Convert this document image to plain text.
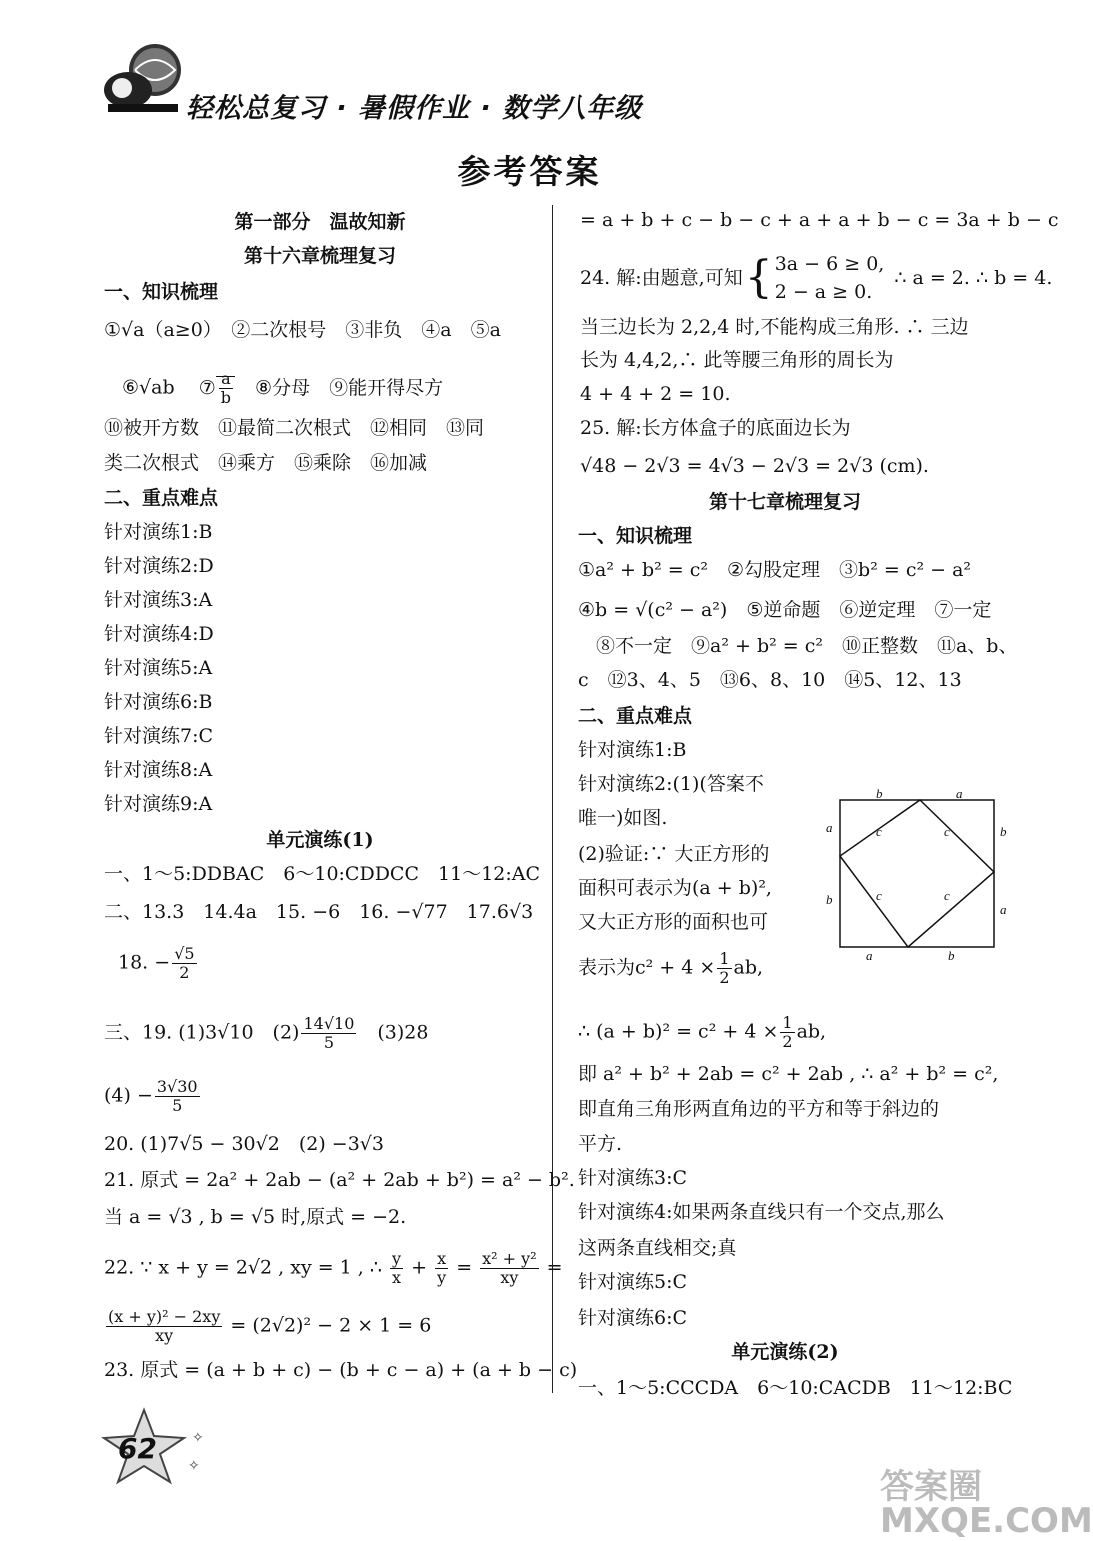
轻松总复习 · 暑假作业 · 数学八年级
参考答案
第一部分　温故知新
第十六章梳理复习
一、知识梳理
①√a（a≥0）　②二次根号　③非负　④a　⑤a
⑥√ab ⑦ $\frac{a}{b}$ ⑧分母　⑨能开得尽方
⑩被开方数　⑪最简二次根式　⑫相同　⑬同
类二次根式　⑭乘方　⑮乘除　⑯加减
二、重点难点
针对演练1:B
针对演练2:D
针对演练3:A
针对演练4:D
针对演练5:A
针对演练6:B
针对演练7:C
针对演练8:A
针对演练9:A
单元演练(1)
一、1～5:DDBAC　6～10:CDDCC　11～12:AC
二、13.3　14.4a　15. −6　16. −√77　17.6√3
18. − $\frac{√5}{2}$
三、19. (1)3√10　$(2) \frac{14√10}{5}$ 　(3)28
$(4) - \frac{3√30}{5}$
20. (1)7√5 − 30√2　(2) −3√3
21. 原式 = 2a² + 2ab − (a² + 2ab + b²) = a² − b².
当 a = √3 , b = √5 时,原式 = −2.
22. ∵ x + y = 2√2 , xy = 1 , ∴ $\frac{y}{x} + \frac{x}{y} = \frac{\text{x² + y²}}{xy}$ =
$\frac{\text{(x + y)² − 2xy}}{xy} = (2√2)^2 - 2 \times 1 = 6$
23. 原式 = (a + b + c) − (b + c − a) + (a + b − c)
= a + b + c − b − c + a + a + b − c = 3a + b − c
24. 解:由题意,可知 { 3a − 6 ≥ 0,
2 − a ≥ 0.
∴ a = 2. ∴ b = 4.
当三边长为 2,2,4 时,不能构成三角形. ∴ 三边
长为 4,4,2,∴ 此等腰三角形的周长为
4 + 4 + 2 = 10.
25. 解:长方体盒子的底面边长为
√48 − 2√3 = 4√3 − 2√3 = 2√3 (cm).
第十七章梳理复习
一、知识梳理
①a² + b² = c²　②勾股定理　③b² = c² − a²
④b = √(c² − a²)　⑤逆命题　⑥逆定理　⑦一定
⑧不一定　⑨a² + b² = c²　⑩正整数　⑪a、b、
c　⑫3、4、5　⑬6、8、10　⑭5、12、13
二、重点难点
针对演练1:B
针对演练2:(1)(答案不
唯一)如图.
(2)验证:∵ 大正方形的
面积可表示为(a + b)²,
又大正方形的面积也可
表示为$c^2 + 4 \times \frac{1}{2}$ ab,
∴ $(a + b)^2 = c^2 + 4 \times \frac{1}{2}$ ab,
即 a² + b² + 2ab = c² + 2ab , ∴ a² + b² = c²,
即直角三角形两直角边的平方和等于斜边的
平方.
针对演练3:C
针对演练4:如果两条直线只有一个交点,那么
这两条直线相交;真
针对演练5:C
针对演练6:C
单元演练(2)
一、1～5:CCCDA　6～10:CACDB　11～12:BC
b	a
a
b
b
a
a	b
c	c
c	c
✧
✧
62
答案圈 MXQE.COM
